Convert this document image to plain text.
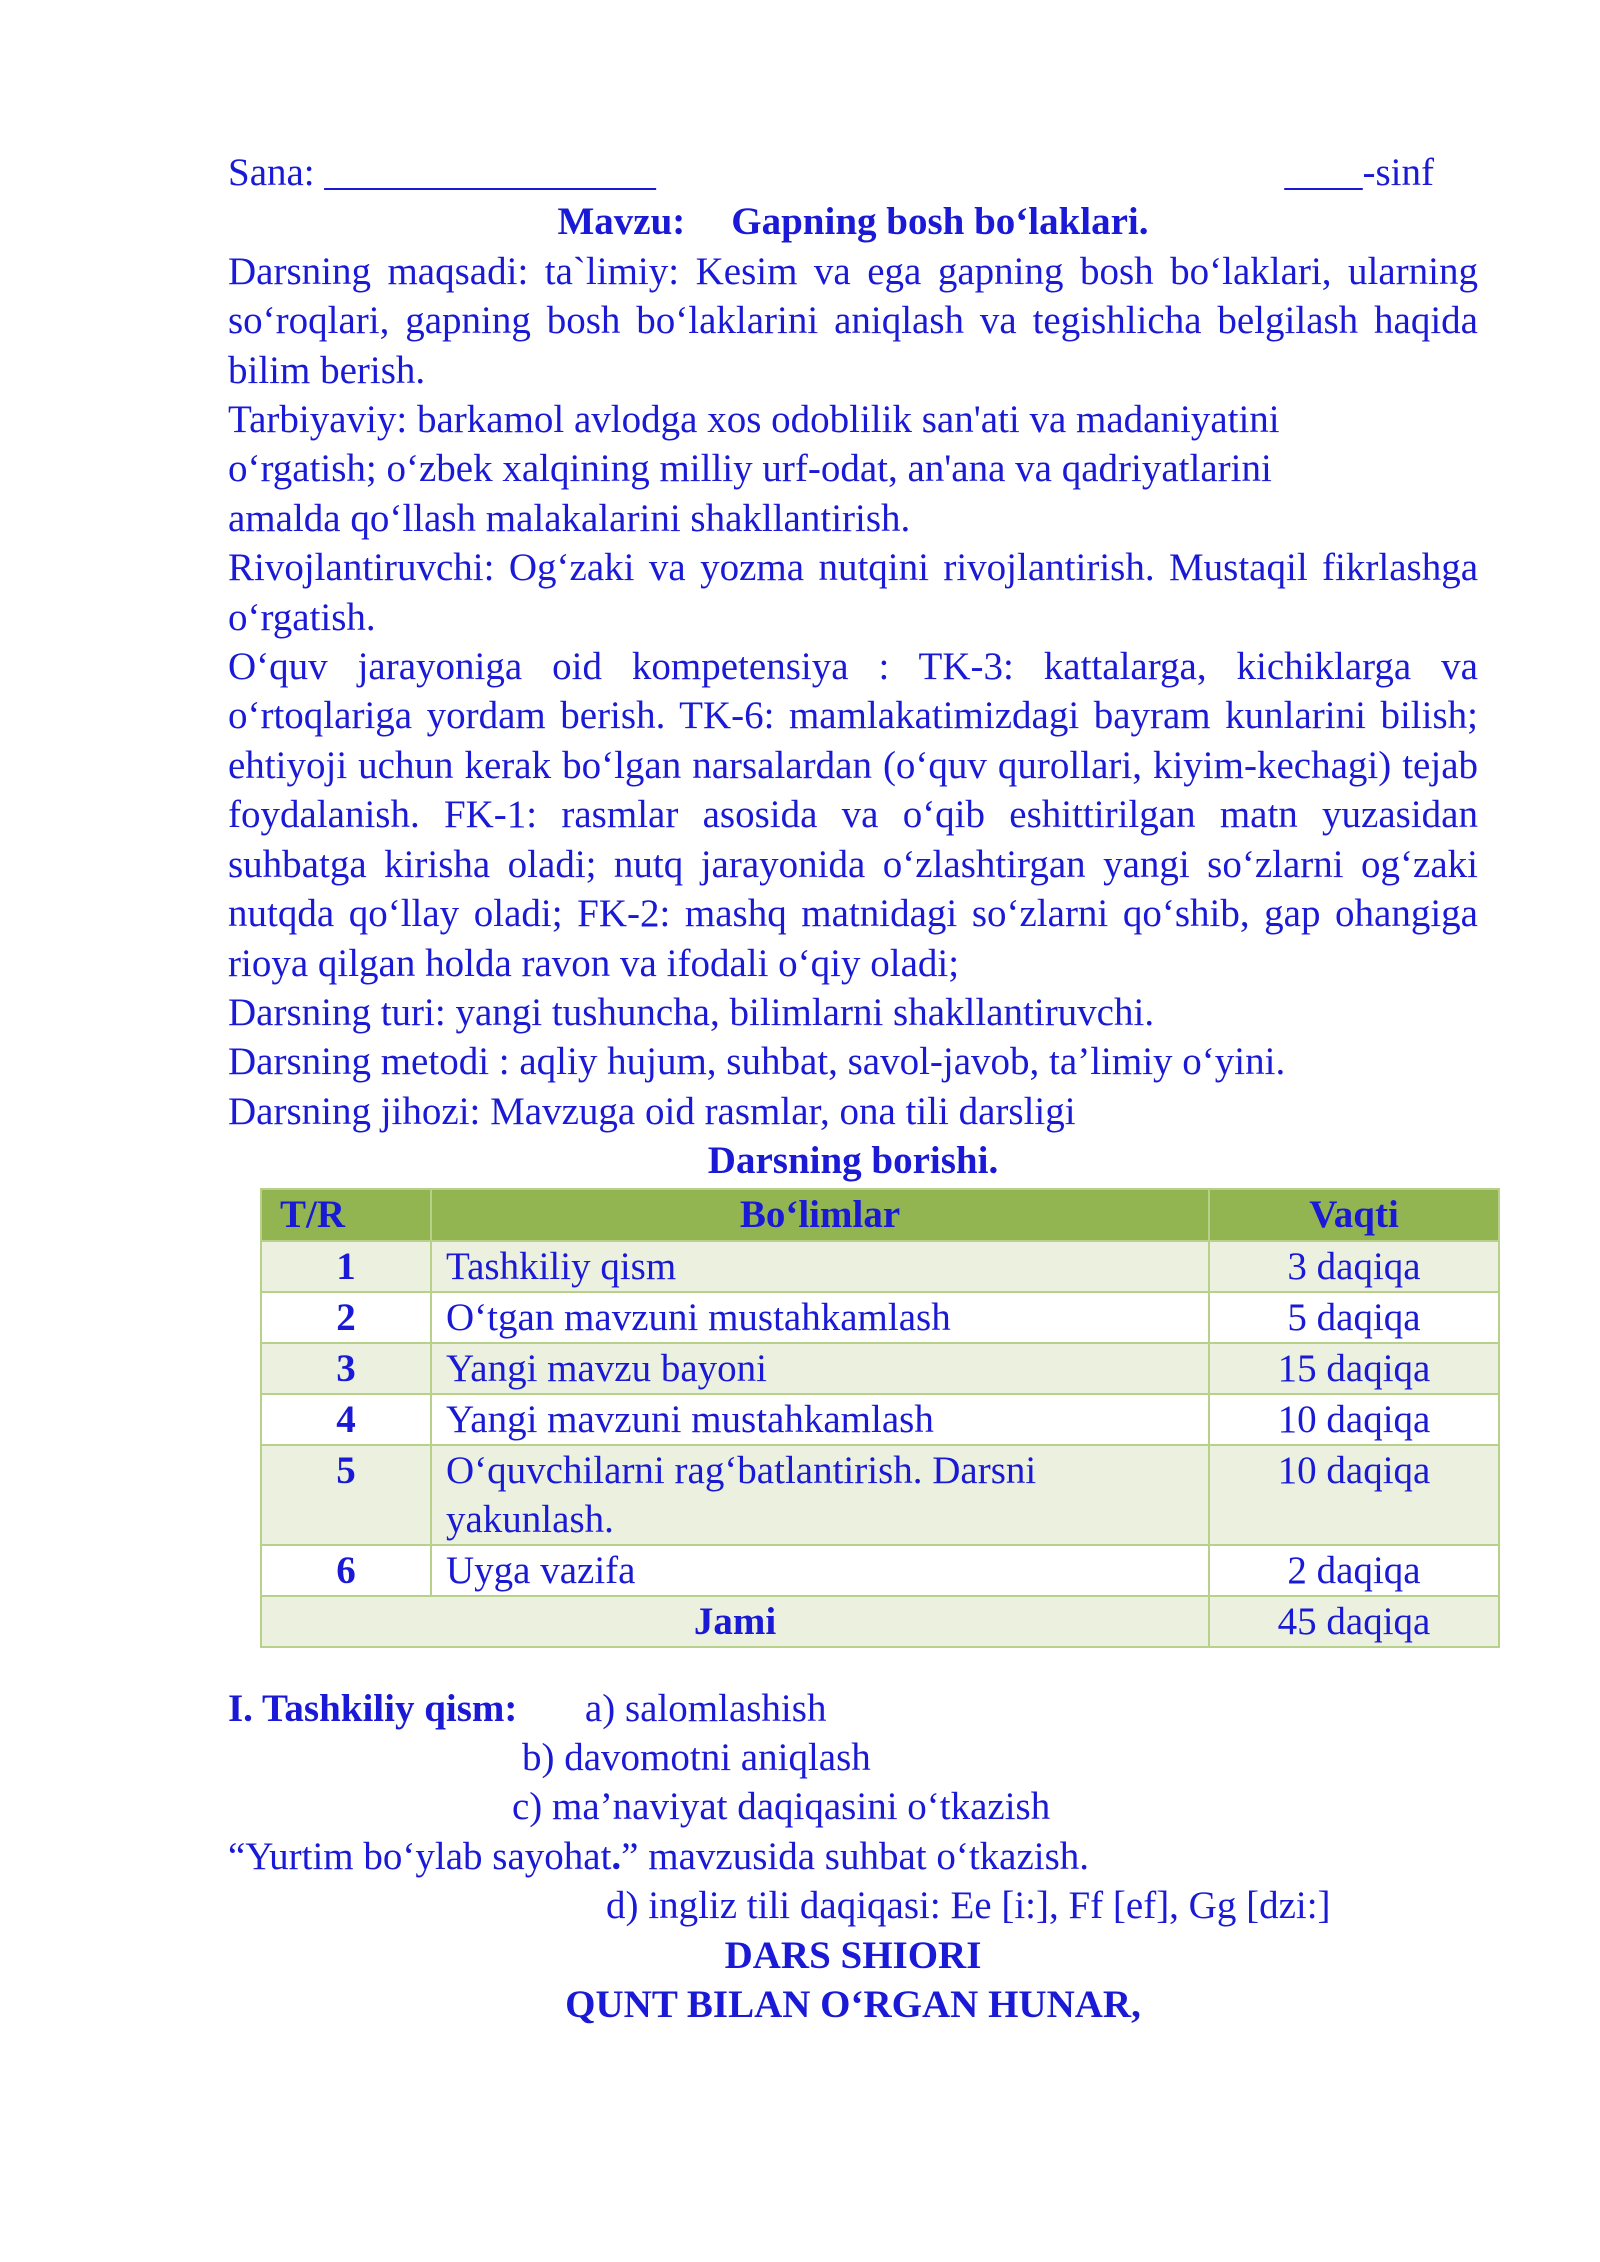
Sana: _________________	____-sinf
Mavzu: Gapning bosh bo‘laklari.
Darsning maqsadi: ta`limiy: Kesim va ega gapning bosh bo‘laklari, ularning so‘roqlari, gapning bosh bo‘laklarini aniqlash va tegishlicha belgilash haqida bilim berish.
Tarbiyaviy: barkamol avlodga xos odoblilik san'ati va madaniyatini
o‘rgatish; o‘zbek xalqining milliy urf-odat, an'ana va qadriyatlarini
amalda qo‘llash malakalarini shakllantirish.
Rivojlantiruvchi: Og‘zaki va yozma nutqini rivojlantirish. Mustaqil fikrlashga o‘rgatish.
O‘quv jarayoniga oid kompetensiya : TK-3: kattalarga, kichiklarga va o‘rtoqlariga yordam berish. TK-6: mamlakatimizdagi bayram kunlarini bilish; ehtiyoji uchun kerak bo‘lgan narsalardan (o‘quv qurollari, kiyim-kechagi) tejab foydalanish. FK-1: rasmlar asosida va o‘qib eshittirilgan matn yuzasidan suhbatga kirisha oladi; nutq jarayonida o‘zlashtirgan yangi so‘zlarni og‘zaki nutqda qo‘llay oladi; FK-2: mashq matnidagi so‘zlarni qo‘shib, gap ohangiga rioya qilgan holda ravon va ifodali o‘qiy oladi;
Darsning turi: yangi tushuncha, bilimlarni shakllantiruvchi.
Darsning metodi : aqliy hujum, suhbat, savol-javob, ta’limiy o‘yini.
Darsning jihozi: Mavzuga oid rasmlar, ona tili darsligi
Darsning borishi.
T/R	Bo‘limlar	Vaqti
1	Tashkiliy qism	3 daqiqa
2	O‘tgan mavzuni mustahkamlash	5 daqiqa
3	Yangi mavzu bayoni	15 daqiqa
4	Yangi mavzuni mustahkamlash	10 daqiqa
5	O‘quvchilarni rag‘batlantirish. Darsni yakunlash.	10 daqiqa
6	Uyga vazifa	2 daqiqa
Jami		45 daqiqa
I. Tashkiliy qism: a) salomlashish
b) davomotni aniqlash
c) ma’naviyat daqiqasini o‘tkazish
“Yurtim bo‘ylab sayohat.” mavzusida suhbat o‘tkazish.
d) ingliz tili daqiqasi: Ee [i:], Ff [ef], Gg [dzi:]
DARS SHIORI
QUNT BILAN O‘RGAN HUNAR,
